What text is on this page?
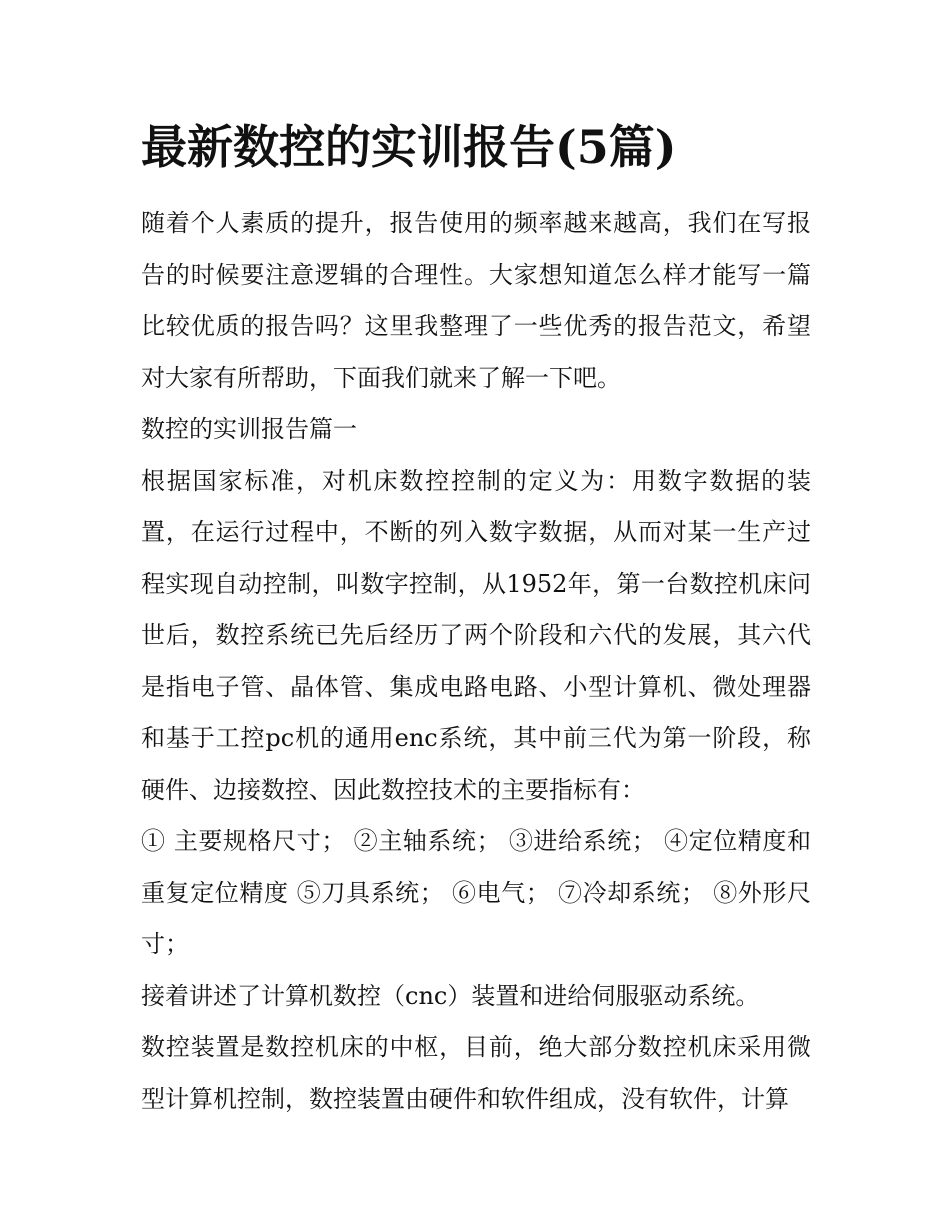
最新数控的实训报告(5篇)

随着个人素质的提升，报告使用的频率越来越高，我们在写报告的时候要注意逻辑的合理性。大家想知道怎么样才能写一篇比较优质的报告吗？这里我整理了一些优秀的报告范文，希望对大家有所帮助，下面我们就来了解一下吧。

数控的实训报告篇一

根据国家标准，对机床数控控制的定义为：用数字数据的装置，在运行过程中，不断的列入数字数据，从而对某一生产过程实现自动控制，叫数字控制，从1952年，第一台数控机床问世后，数控系统已先后经历了两个阶段和六代的发展，其六代是指电子管、晶体管、集成电路电路、小型计算机、微处理器和基于工控pc机的通用enc系统，其中前三代为第一阶段，称硬件、边接数控、因此数控技术的主要指标有：

① 主要规格尺寸； ②主轴系统； ③进给系统； ④定位精度和重复定位精度 ⑤刀具系统； ⑥电气； ⑦冷却系统； ⑧外形尺寸；

接着讲述了计算机数控（cnc）装置和进给伺服驱动系统。

数控装置是数控机床的中枢，目前，绝大部分数控机床采用微型计算机控制，数控装置由硬件和软件组成，没有软件，计算
